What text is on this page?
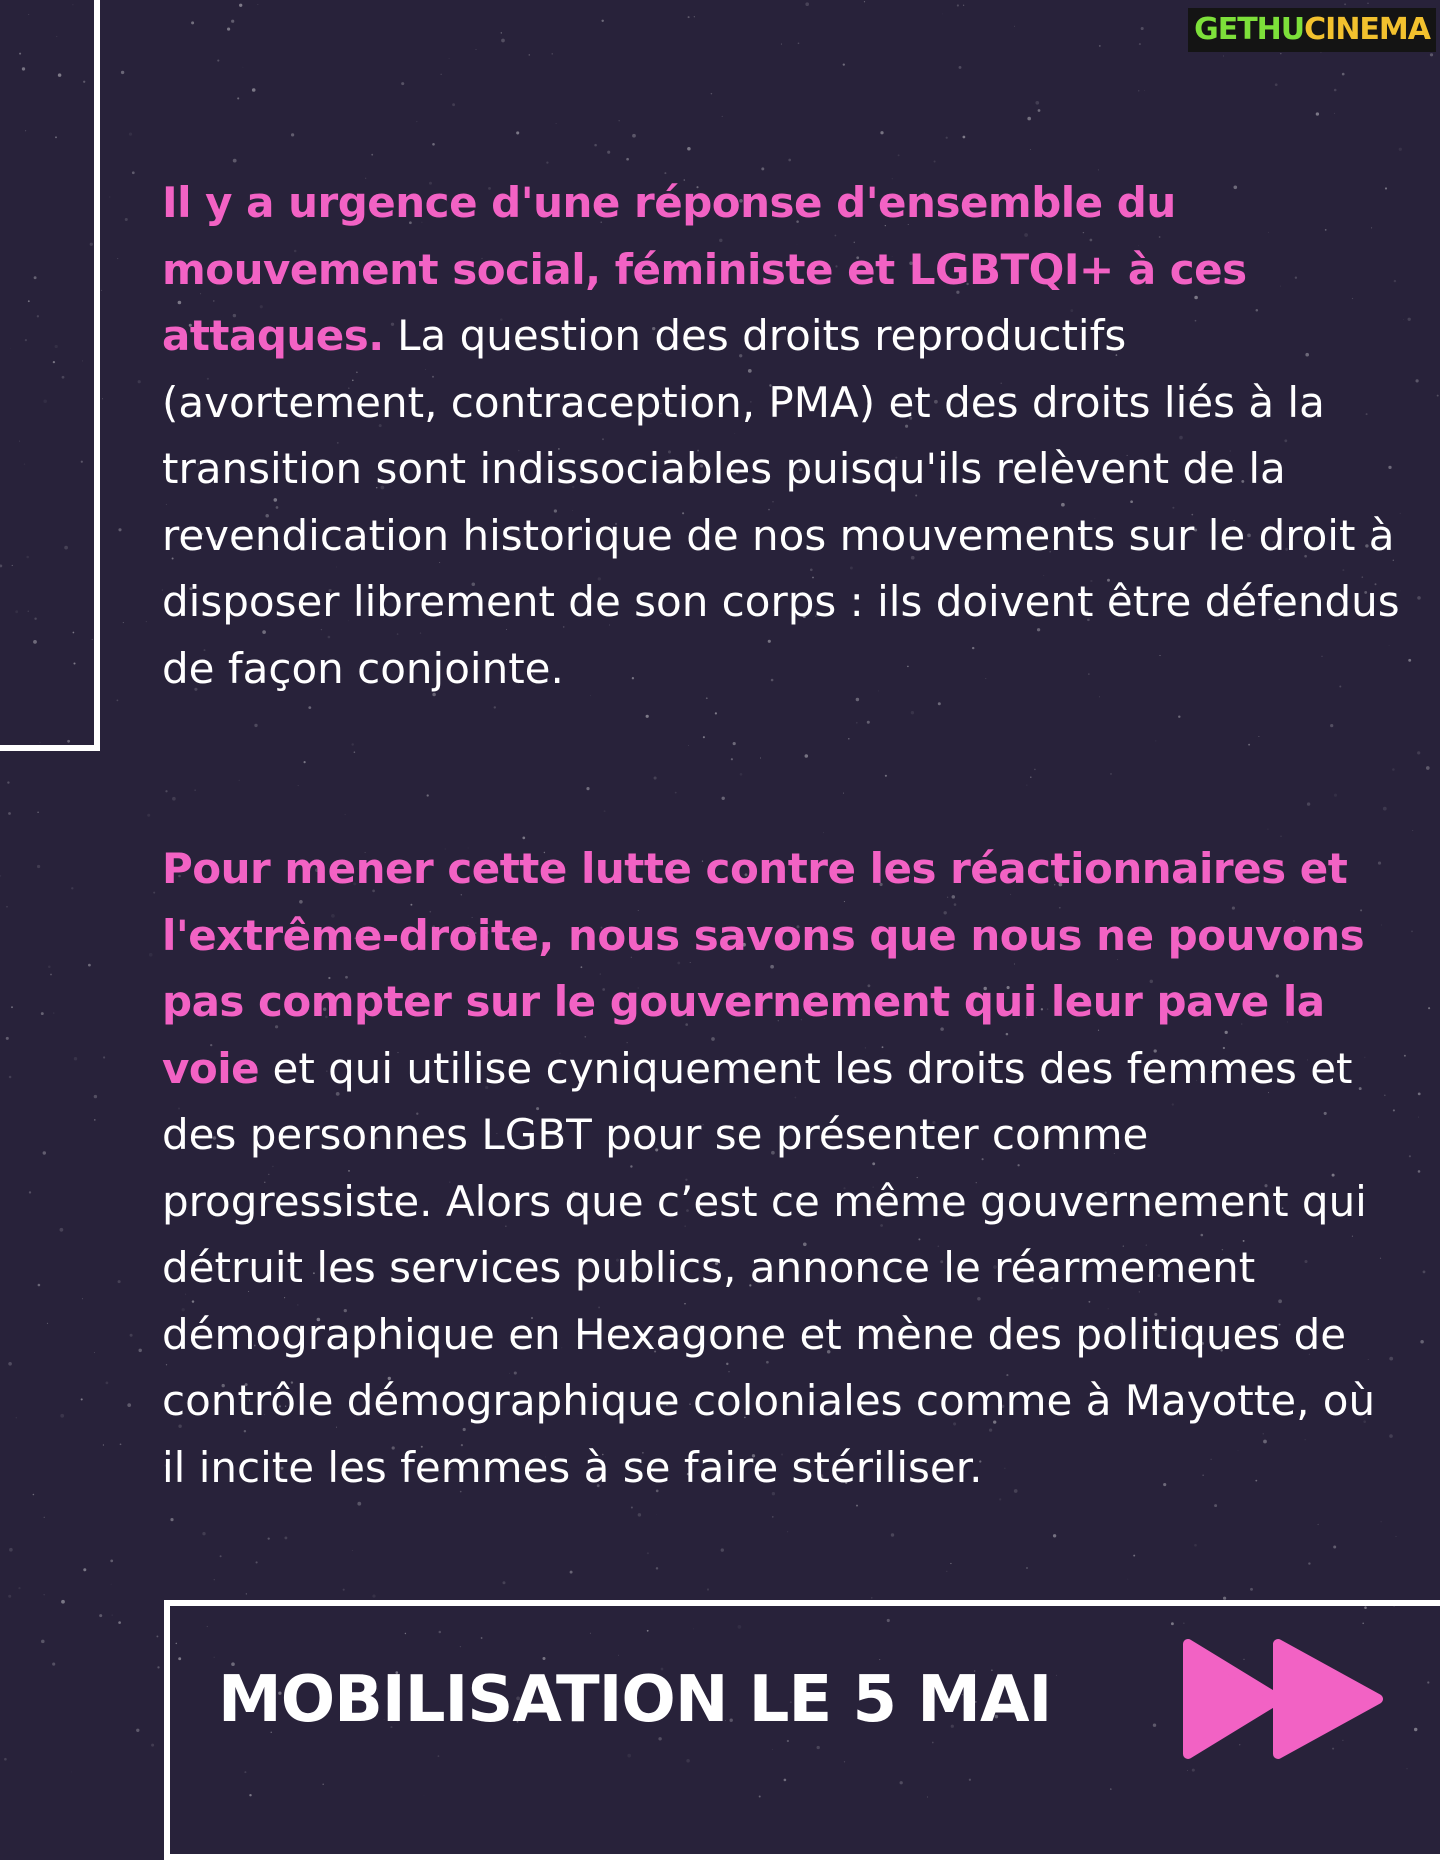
GETHUCINEMA

Il y a urgence d'une réponse d'ensemble du mouvement social, féministe et LGBTQI+ à ces attaques. La question des droits reproductifs (avortement, contraception, PMA) et des droits liés à la transition sont indissociables puisqu'ils relèvent de la revendication historique de nos mouvements sur le droit à disposer librement de son corps : ils doivent être défendus de façon conjointe.

Pour mener cette lutte contre les réactionnaires et l'extrême-droite, nous savons que nous ne pouvons pas compter sur le gouvernement qui leur pave la voie et qui utilise cyniquement les droits des femmes et des personnes LGBT pour se présenter comme progressiste. Alors que c’est ce même gouvernement qui détruit les services publics, annonce le réarmement démographique en Hexagone et mène des politiques de contrôle démographique coloniales comme à Mayotte, où il incite les femmes à se faire stériliser.

MOBILISATION LE 5 MAI
